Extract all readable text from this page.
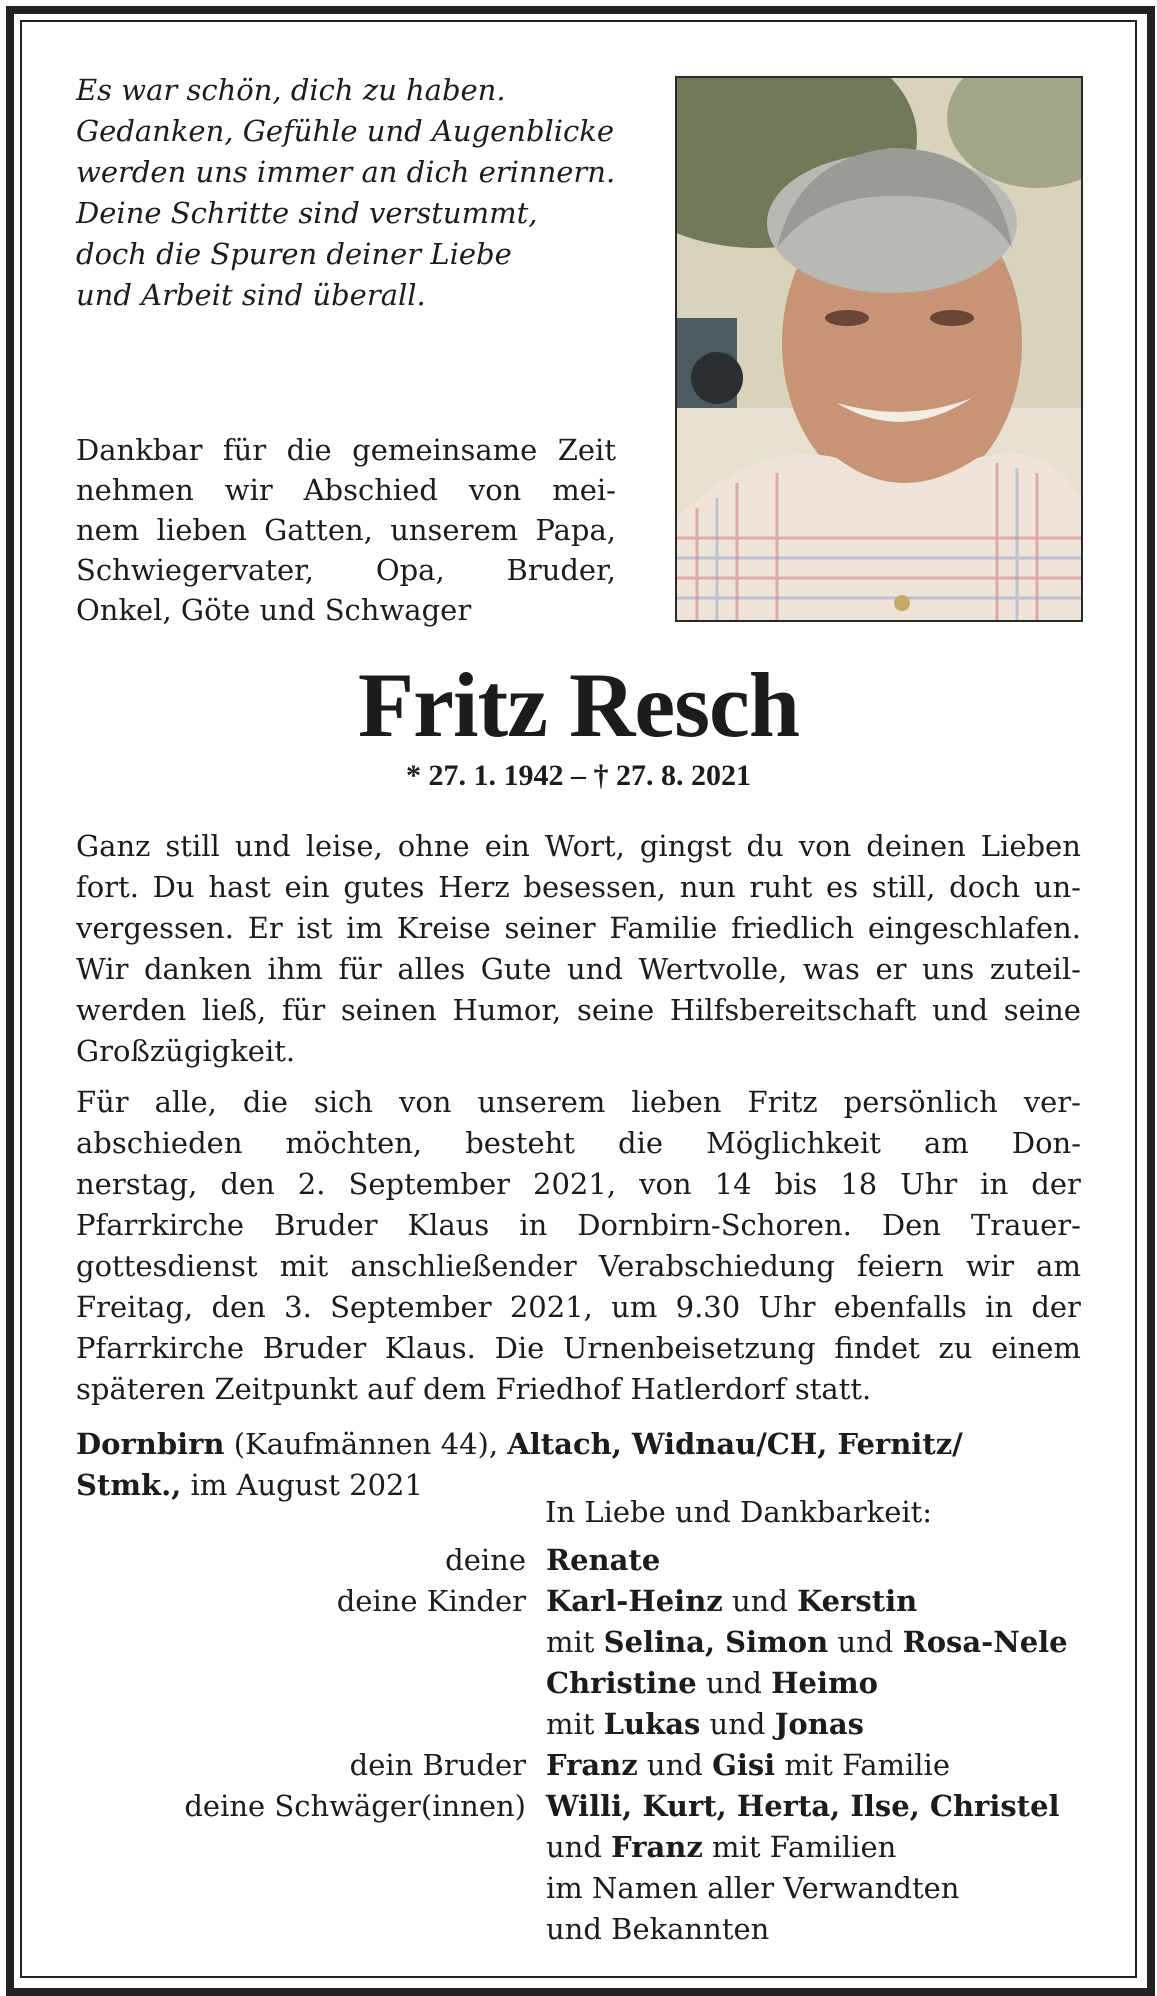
Es war schön, dich zu haben.
Gedanken, Gefühle und Augenblicke
werden uns immer an dich erinnern.
Deine Schritte sind verstummt,
doch die Spuren deiner Liebe
und Arbeit sind überall.
Dankbar für die gemeinsame Zeit
nehmen wir Abschied von mei-
nem lieben Gatten, unserem Papa,
Schwiegervater, Opa, Bruder,
Onkel, Göte und Schwager
Fritz Resch
* 27. 1. 1942 – † 27. 8. 2021
Ganz still und leise, ohne ein Wort, gingst du von deinen Lieben
fort. Du hast ein gutes Herz besessen, nun ruht es still, doch un-
vergessen. Er ist im Kreise seiner Familie friedlich eingeschlafen.
Wir danken ihm für alles Gute und Wertvolle, was er uns zuteil-
werden ließ, für seinen Humor, seine Hilfsbereitschaft und seine
Großzügigkeit.
Für alle, die sich von unserem lieben Fritz persönlich ver-
abschieden möchten, besteht die Möglichkeit am Don-
nerstag, den 2. September 2021, von 14 bis 18 Uhr in der
Pfarrkirche Bruder Klaus in Dornbirn-Schoren. Den Trauer-
gottesdienst mit anschließender Verabschiedung feiern wir am
Freitag, den 3. September 2021, um 9.30 Uhr ebenfalls in der
Pfarrkirche Bruder Klaus. Die Urnenbeisetzung findet zu einem
späteren Zeitpunkt auf dem Friedhof Hatlerdorf statt.
Dornbirn (Kaufmännen 44), Altach, Widnau/CH, Fernitz/
Stmk., im August 2021
In Liebe und Dankbarkeit:
deine Renate
deine Kinder Karl-Heinz und Kerstin
mit Selina, Simon und Rosa-Nele
Christine und Heimo
mit Lukas und Jonas
dein Bruder Franz und Gisi mit Familie
deine Schwäger(innen) Willi, Kurt, Herta, Ilse, Christel
und Franz mit Familien
im Namen aller Verwandten
und Bekannten
